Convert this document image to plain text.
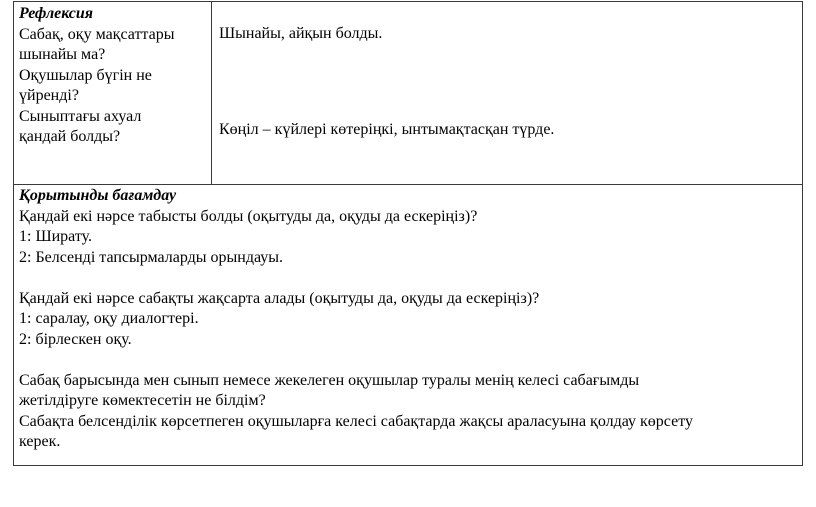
Рефлексия
Сабақ, оқу мақсаттары
шынайы ма?
Оқушылар бүгін не
үйренді?
Сыныптағы ахуал
қандай болды?
Шынайы, айқын болды.
Көңіл – күйлері көтеріңкі, ынтымақтасқан түрде.
Қорытынды бағамдау
Қандай екі нәрсе табысты болды (оқытуды да, оқуды да ескеріңіз)?
1: Ширату.
2: Белсенді тапсырмаларды орындауы.
Қандай екі нәрсе сабақты жақсарта алады (оқытуды да, оқуды да ескеріңіз)?
1: саралау, оқу диалогтері.
2: бірлескен оқу.
Сабақ барысында мен сынып немесе жекелеген оқушылар туралы менің келесі сабағымды
жетілдіруге көмектесетін не білдім?
Сабақта белсенділік көрсетпеген оқушыларға келесі сабақтарда жақсы араласуына қолдау көрсету
керек.
